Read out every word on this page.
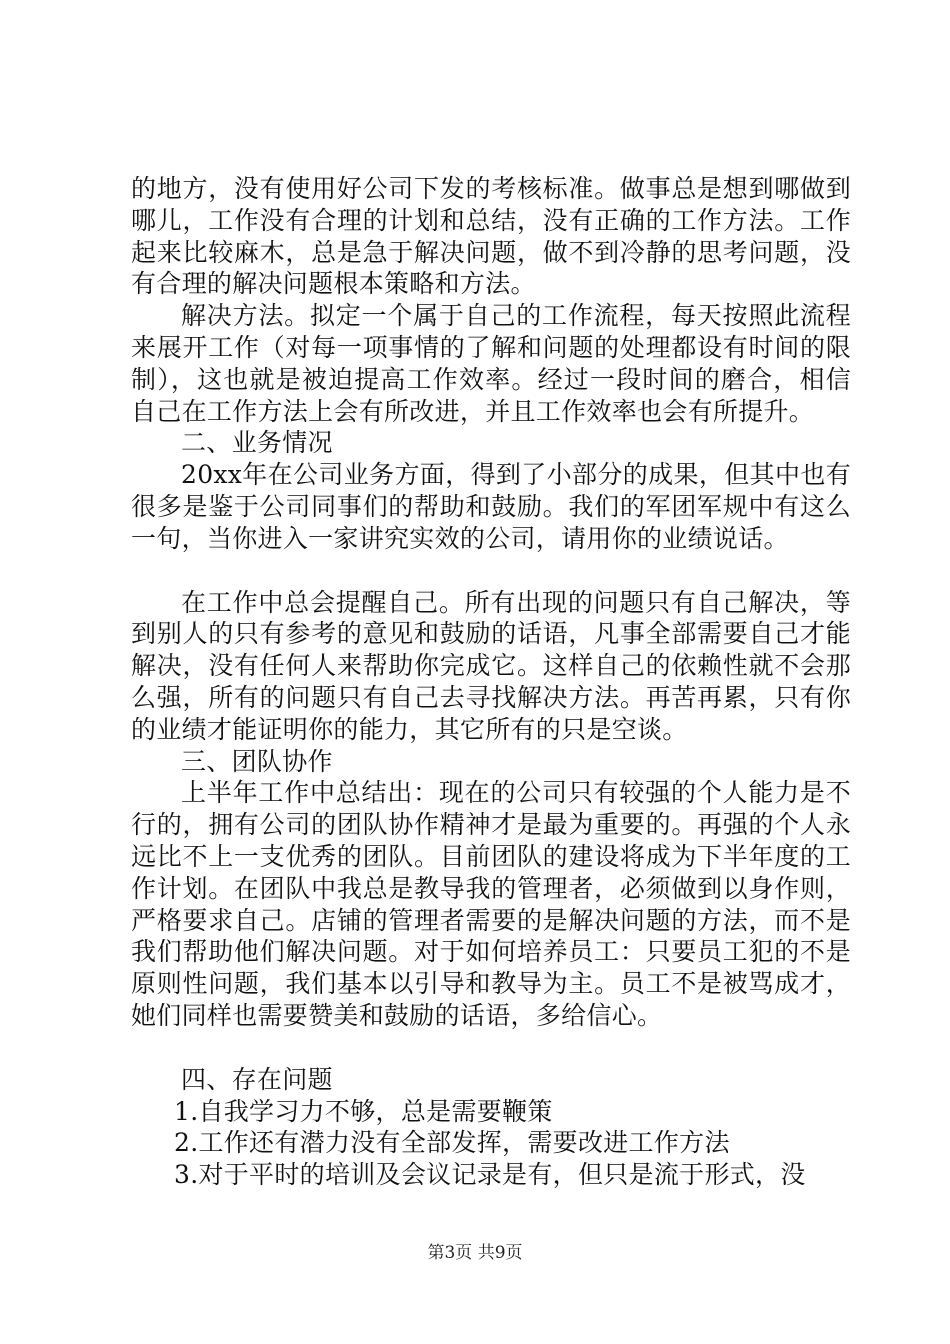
的地方，没有使用好公司下发的考核标准。做事总是想到哪做到哪儿，工作没有合理的计划和总结，没有正确的工作方法。工作起来比较麻木，总是急于解决问题，做不到冷静的思考问题，没有合理的解决问题根本策略和方法。

解决方法。拟定一个属于自己的工作流程，每天按照此流程来展开工作（对每一项事情的了解和问题的处理都设有时间的限制），这也就是被迫提高工作效率。经过一段时间的磨合，相信自己在工作方法上会有所改进，并且工作效率也会有所提升。

二、业务情况

20xx年在公司业务方面，得到了小部分的成果，但其中也有很多是鉴于公司同事们的帮助和鼓励。我们的军团军规中有这么一句，当你进入一家讲究实效的公司，请用你的业绩说话。

在工作中总会提醒自己。所有出现的问题只有自己解决，等到别人的只有参考的意见和鼓励的话语，凡事全部需要自己才能解决，没有任何人来帮助你完成它。这样自己的依赖性就不会那么强，所有的问题只有自己去寻找解决方法。再苦再累，只有你的业绩才能证明你的能力，其它所有的只是空谈。

三、团队协作

上半年工作中总结出：现在的公司只有较强的个人能力是不行的，拥有公司的团队协作精神才是最为重要的。再强的个人永远比不上一支优秀的团队。目前团队的建设将成为下半年度的工作计划。在团队中我总是教导我的管理者，必须做到以身作则，严格要求自己。店铺的管理者需要的是解决问题的方法，而不是我们帮助他们解决问题。对于如何培养员工：只要员工犯的不是原则性问题，我们基本以引导和教导为主。员工不是被骂成才，她们同样也需要赞美和鼓励的话语，多给信心。

四、存在问题

1.自我学习力不够，总是需要鞭策

2.工作还有潜力没有全部发挥，需要改进工作方法

3.对于平时的培训及会议记录是有，但只是流于形式，没

第3页 共9页
